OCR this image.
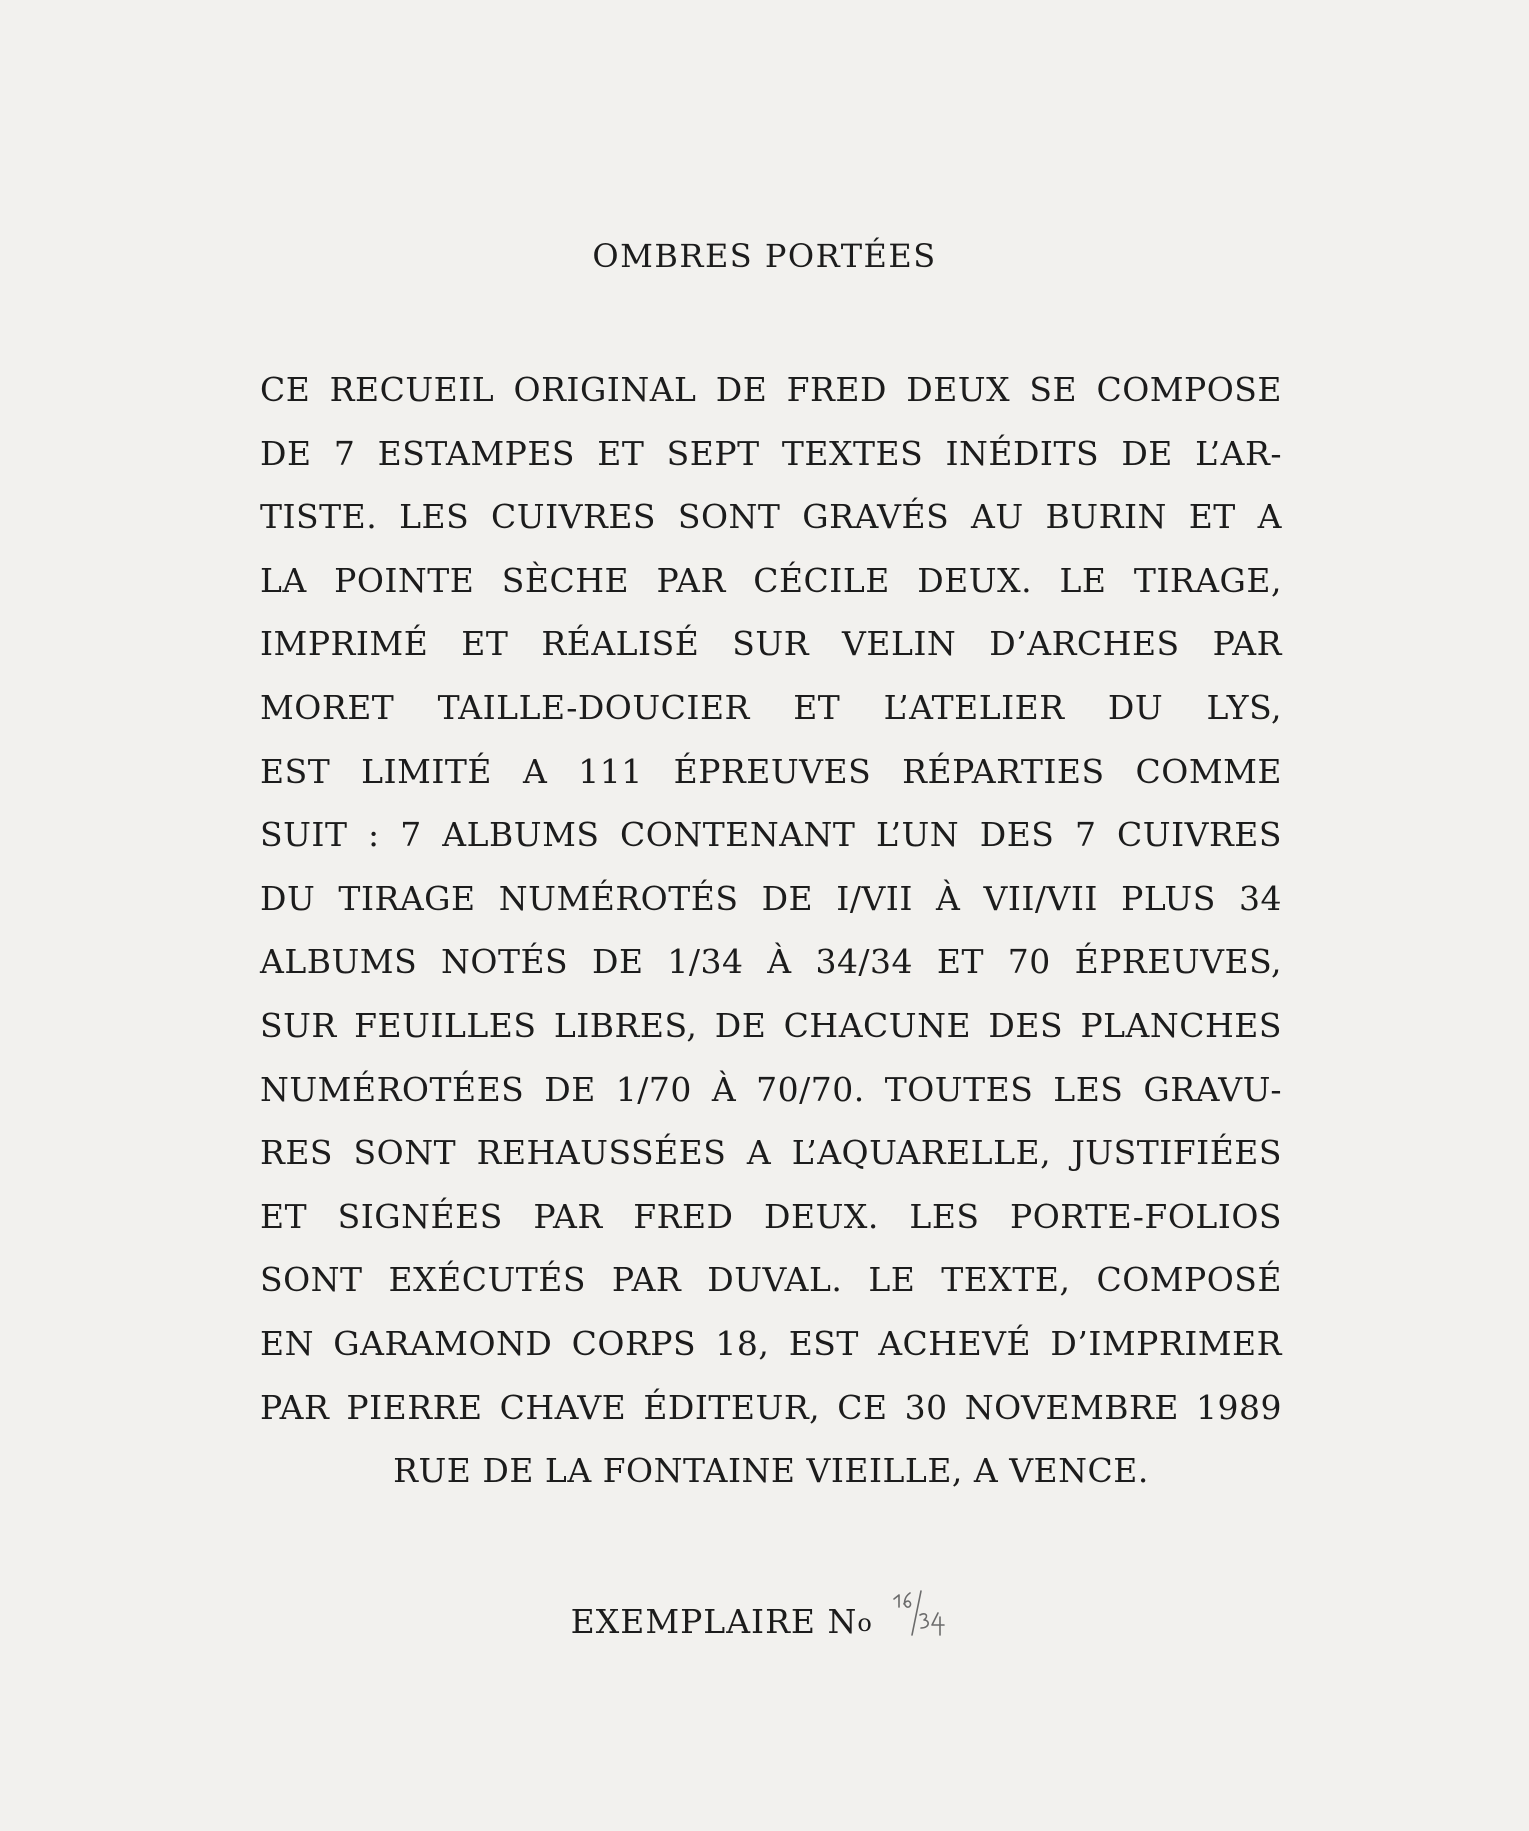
OMBRES PORTÉES
CE RECUEIL ORIGINAL DE FRED DEUX SE COMPOSE
DE 7 ESTAMPES ET SEPT TEXTES INÉDITS DE L’AR-
TISTE. LES CUIVRES SONT GRAVÉS AU BURIN ET A
LA POINTE SÈCHE PAR CÉCILE DEUX. LE TIRAGE,
IMPRIMÉ ET RÉALISÉ SUR VELIN D’ARCHES PAR
MORET TAILLE-DOUCIER ET L’ATELIER DU LYS,
EST LIMITÉ A 111 ÉPREUVES RÉPARTIES COMME
SUIT : 7 ALBUMS CONTENANT L’UN DES 7 CUIVRES
DU TIRAGE NUMÉROTÉS DE I/VII À VII/VII PLUS 34
ALBUMS NOTÉS DE 1/34 À 34/34 ET 70 ÉPREUVES,
SUR FEUILLES LIBRES, DE CHACUNE DES PLANCHES
NUMÉROTÉES DE 1/70 À 70/70. TOUTES LES GRAVU-
RES SONT REHAUSSÉES A L’AQUARELLE, JUSTIFIÉES
ET SIGNÉES PAR FRED DEUX. LES PORTE-FOLIOS
SONT EXÉCUTÉS PAR DUVAL. LE TEXTE, COMPOSÉ
EN GARAMOND CORPS 18, EST ACHEVÉ D’IMPRIMER
PAR PIERRE CHAVE ÉDITEUR, CE 30 NOVEMBRE 1989
RUE DE LA FONTAINE VIEILLE, A VENCE.
EXEMPLAIRE No
